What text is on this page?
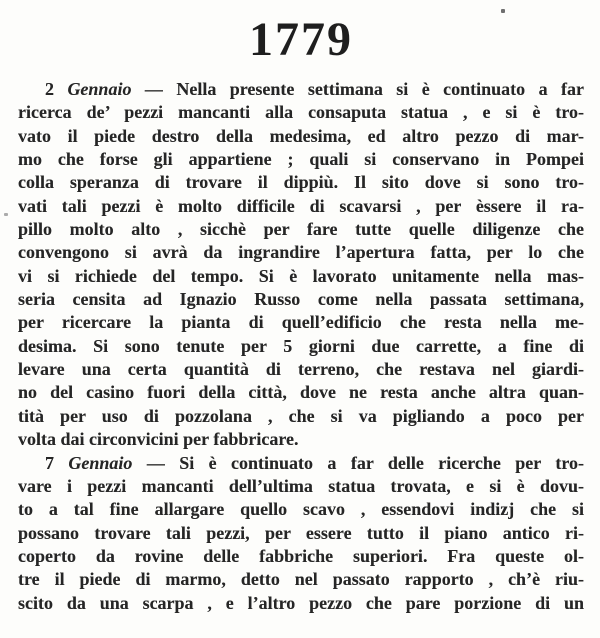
1779
2 Gennaio — Nella presente settimana si è continuato a far
ricerca de’ pezzi mancanti alla consaputa statua , e si è tro-
vato il piede destro della medesima, ed altro pezzo di mar-
mo che forse gli appartiene ; quali si conservano in Pompei
colla speranza di trovare il dippiù. Il sito dove si sono tro-
vati tali pezzi è molto difficile di scavarsi , per èssere il ra-
pillo molto alto , sicchè per fare tutte quelle diligenze che
convengono si avrà da ingrandire l’apertura fatta, per lo che
vi si richiede del tempo. Si è lavorato unitamente nella mas-
seria censita ad Ignazio Russo come nella passata settimana,
per ricercare la pianta di quell’edificio che resta nella me-
desima. Si sono tenute per 5 giorni due carrette, a fine di
levare una certa quantità di terreno, che restava nel giardi-
no del casino fuori della città, dove ne resta anche altra quan-
tità per uso di pozzolana , che si va pigliando a poco per
volta dai circonvicini per fabbricare.
7 Gennaio — Si è continuato a far delle ricerche per tro-
vare i pezzi mancanti dell’ultima statua trovata, e si è dovu-
to a tal fine allargare quello scavo , essendovi indizj che si
possano trovare tali pezzi, per essere tutto il piano antico ri-
coperto da rovine delle fabbriche superiori. Fra queste ol-
tre il piede di marmo, detto nel passato rapporto , ch’è riu-
scito da una scarpa , e l’altro pezzo che pare porzione di un
